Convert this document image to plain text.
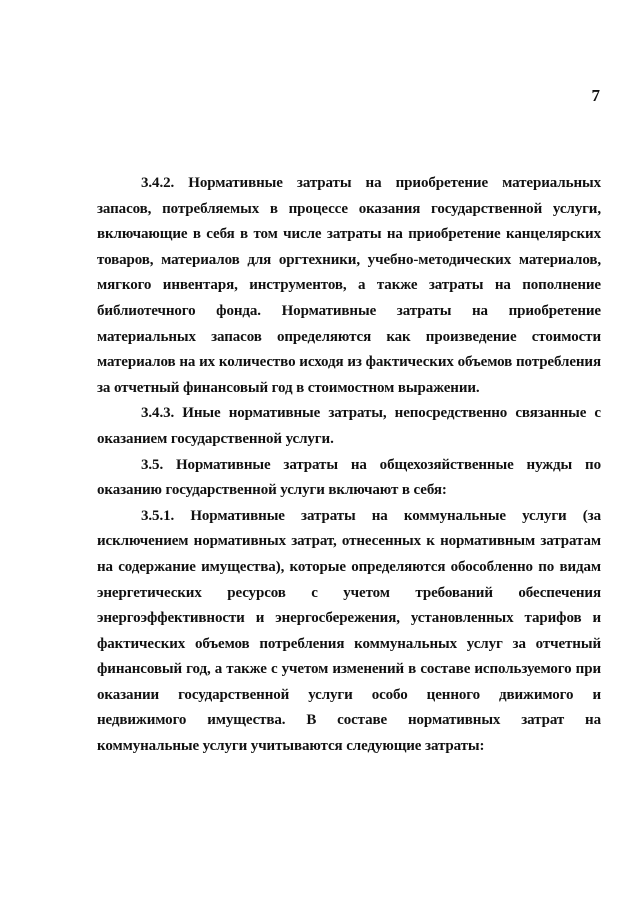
7

3.4.2. Нормативные затраты на приобретение материальных запасов, потребляемых в процессе оказания государственной услуги, включающие в себя в том числе затраты на приобретение канцелярских товаров, материалов для оргтехники, учебно-методических материалов, мягкого инвентаря, инструментов, а также затраты на пополнение библиотечного фонда. Нормативные затраты на приобретение материальных запасов определяются как произведение стоимости материалов на их количество исходя из фактических объемов потребления за отчетный финансовый год в стоимостном выражении.

3.4.3. Иные нормативные затраты, непосредственно связанные с оказанием государственной услуги.

3.5. Нормативные затраты на общехозяйственные нужды по оказанию государственной услуги включают в себя:

3.5.1. Нормативные затраты на коммунальные услуги (за исключением нормативных затрат, отнесенных к нормативным затратам на содержание имущества), которые определяются обособленно по видам энергетических ресурсов с учетом требований обеспечения энергоэффективности и энергосбережения, установленных тарифов и фактических объемов потребления коммунальных услуг за отчетный финансовый год, а также с учетом изменений в составе используемого при оказании государственной услуги особо ценного движимого и недвижимого имущества. В составе нормативных затрат на коммунальные услуги учитываются следующие затраты:
